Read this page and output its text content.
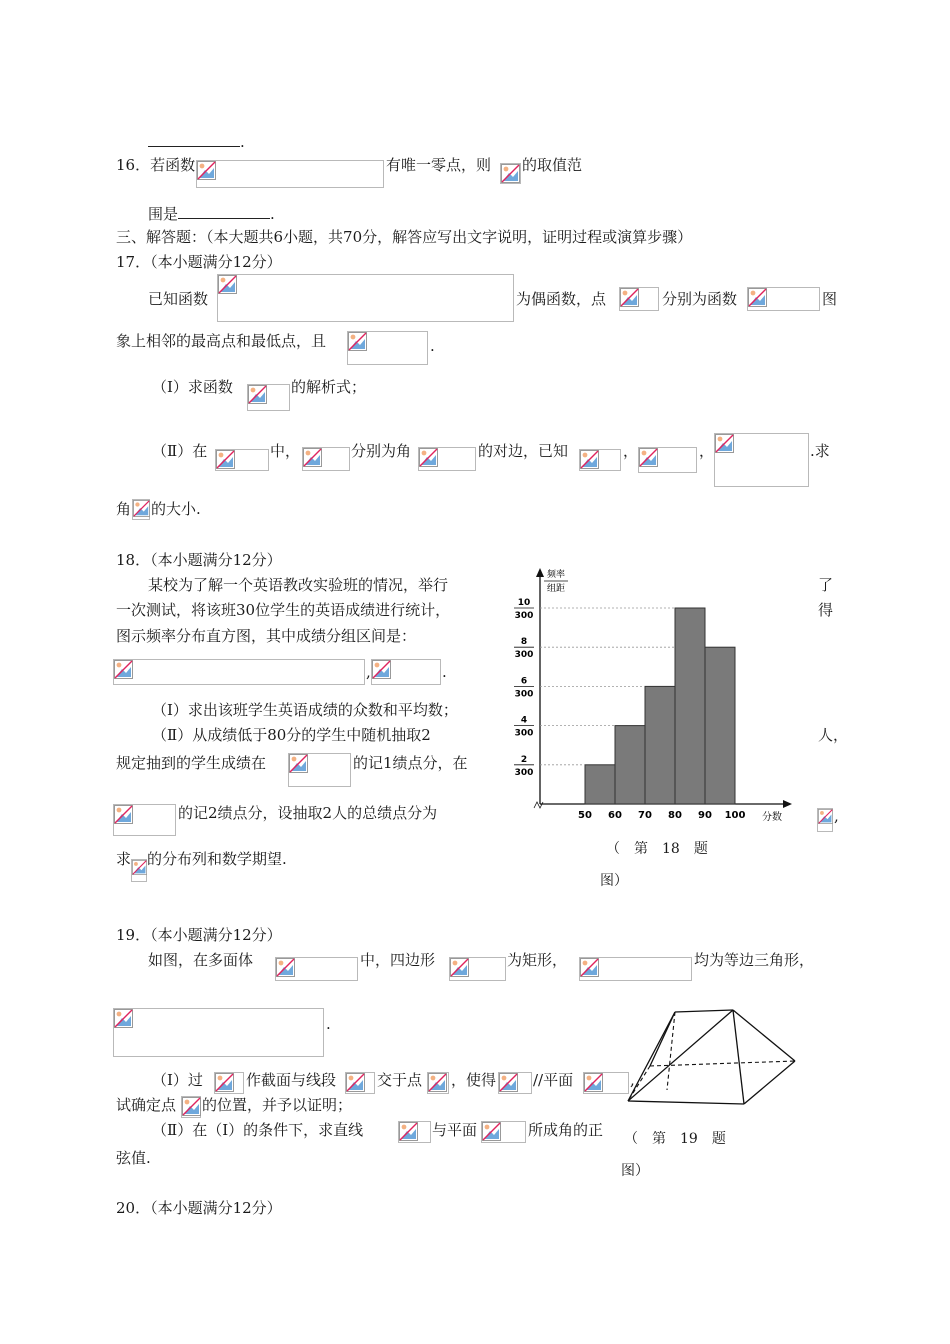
.
16．若函数	有唯一零点，则 的取值范
围是	.
三、解答题：（本大题共6小题，共70分，解答应写出文字说明，证明过程或演算步骤）
17．（本小题满分12分）
已知函数	为偶函数，点	分别为函数	图
象上相邻的最高点和最低点，且	.
（Ⅰ）求函数	的解析式；
（Ⅱ）在	中，	分别为角	的对边，已知	，	，	.求
角 的大小.
18．（本小题满分12分）
某校为了解一个英语教改实验班的情况，举行	了
一次测试，将该班30位学生的英语成绩进行统计，	得
图示频率分布直方图，其中成绩分组区间是：
,	.
（Ⅰ）求出该班学生英语成绩的众数和平均数；
（Ⅱ）从成绩低于80分的学生中随机抽取2	人，
规定抽到的学生成绩在	的记1绩点分，在
的记2绩点分，设抽取2人的总绩点分为	,
求 的分布列和数学期望.
频率
组距
2
300
4
300
6
300
8
300
10
300
50 60 70 80 90 100 分数
（　第　18　题
图）
19．（本小题满分12分）
如图，在多面体	中，四边形	为矩形，	均为等边三角形，
.
（Ⅰ）过	作截面与线段	交于点 ，使得 //平面	,
试确定点 的位置，并予以证明；
（Ⅱ）在（Ⅰ）的条件下，求直线	与平面	所成角的正
弦值.
（　第　19　题
图）
20．（本小题满分12分）
